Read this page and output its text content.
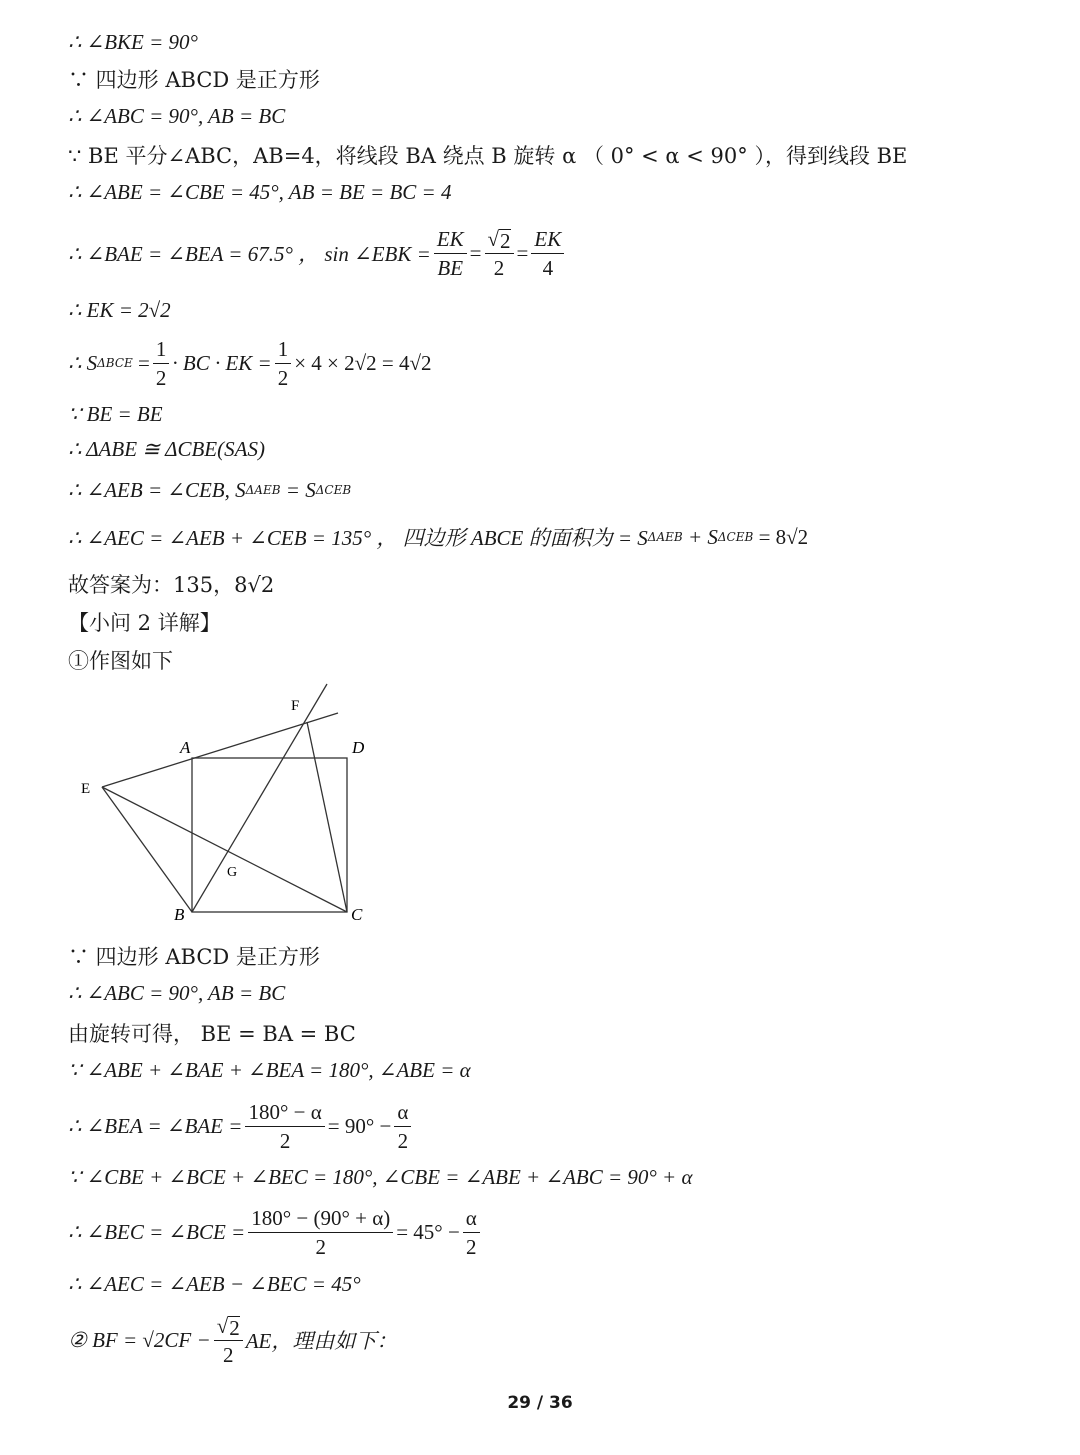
∴ ∠BKE = 90°
∵ 四边形 ABCD 是正方形
∴ ∠ABC = 90°, AB = BC
∵ BE 平分∠ABC，AB=4，将线段 BA 绕点 B 旋转 α （ 0° < α < 90° ），得到线段 BE
∴ ∠ABE = ∠CBE = 45°, AB = BE = BC = 4
∴ ∠BAE = ∠BEA = 67.5° ， sin ∠EBK = $\frac{EK}{BE} = \frac{√ 2}{2} = \frac{EK}{4}$
∴ EK = 2√2
∴ S $\Delta BCE = \frac{1}{2}$ · BC · EK = $\frac{1}{2} \times 4 \times 2√2 = 4√2$
∵ BE = BE
∴ ΔABE ≅ ΔCBE(SAS)
∴ ∠AEB = ∠CEB, S ΔAEB
= S ΔCEB
∴ ∠AEC = ∠AEB + ∠CEB = 135° ， 四边形 ABCE 的面积为 = S ΔAEB
+ S ΔCEB
= 8√2
故答案为：135，8√2
【小问 2 详解】
①作图如下
A	D
E
F
G
B	C
∵ 四边形 ABCD 是正方形
∴ ∠ABC = 90°, AB = BC
由旋转可得， BE = BA = BC
∵ ∠ABE + ∠BAE + ∠BEA = 180°, ∠ABE = α
∴ ∠BEA = ∠BAE = $\frac{180^\circ - \alpha}{2} = 90^\circ - \frac{\alpha}{2}$
∵ ∠CBE + ∠BCE + ∠BEC = 180°, ∠CBE = ∠ABE + ∠ABC = 90° + α
∴ ∠BEC = ∠BCE = $\frac{180^\circ - (90^\circ + \alpha)}{2} = 45^\circ - \frac{\alpha}{2}$
∴ ∠AEC = ∠AEB − ∠BEC = 45°
② BF = $√2CF - \frac{√ 2}{2}$ AE，理由如下：
29 / 36
